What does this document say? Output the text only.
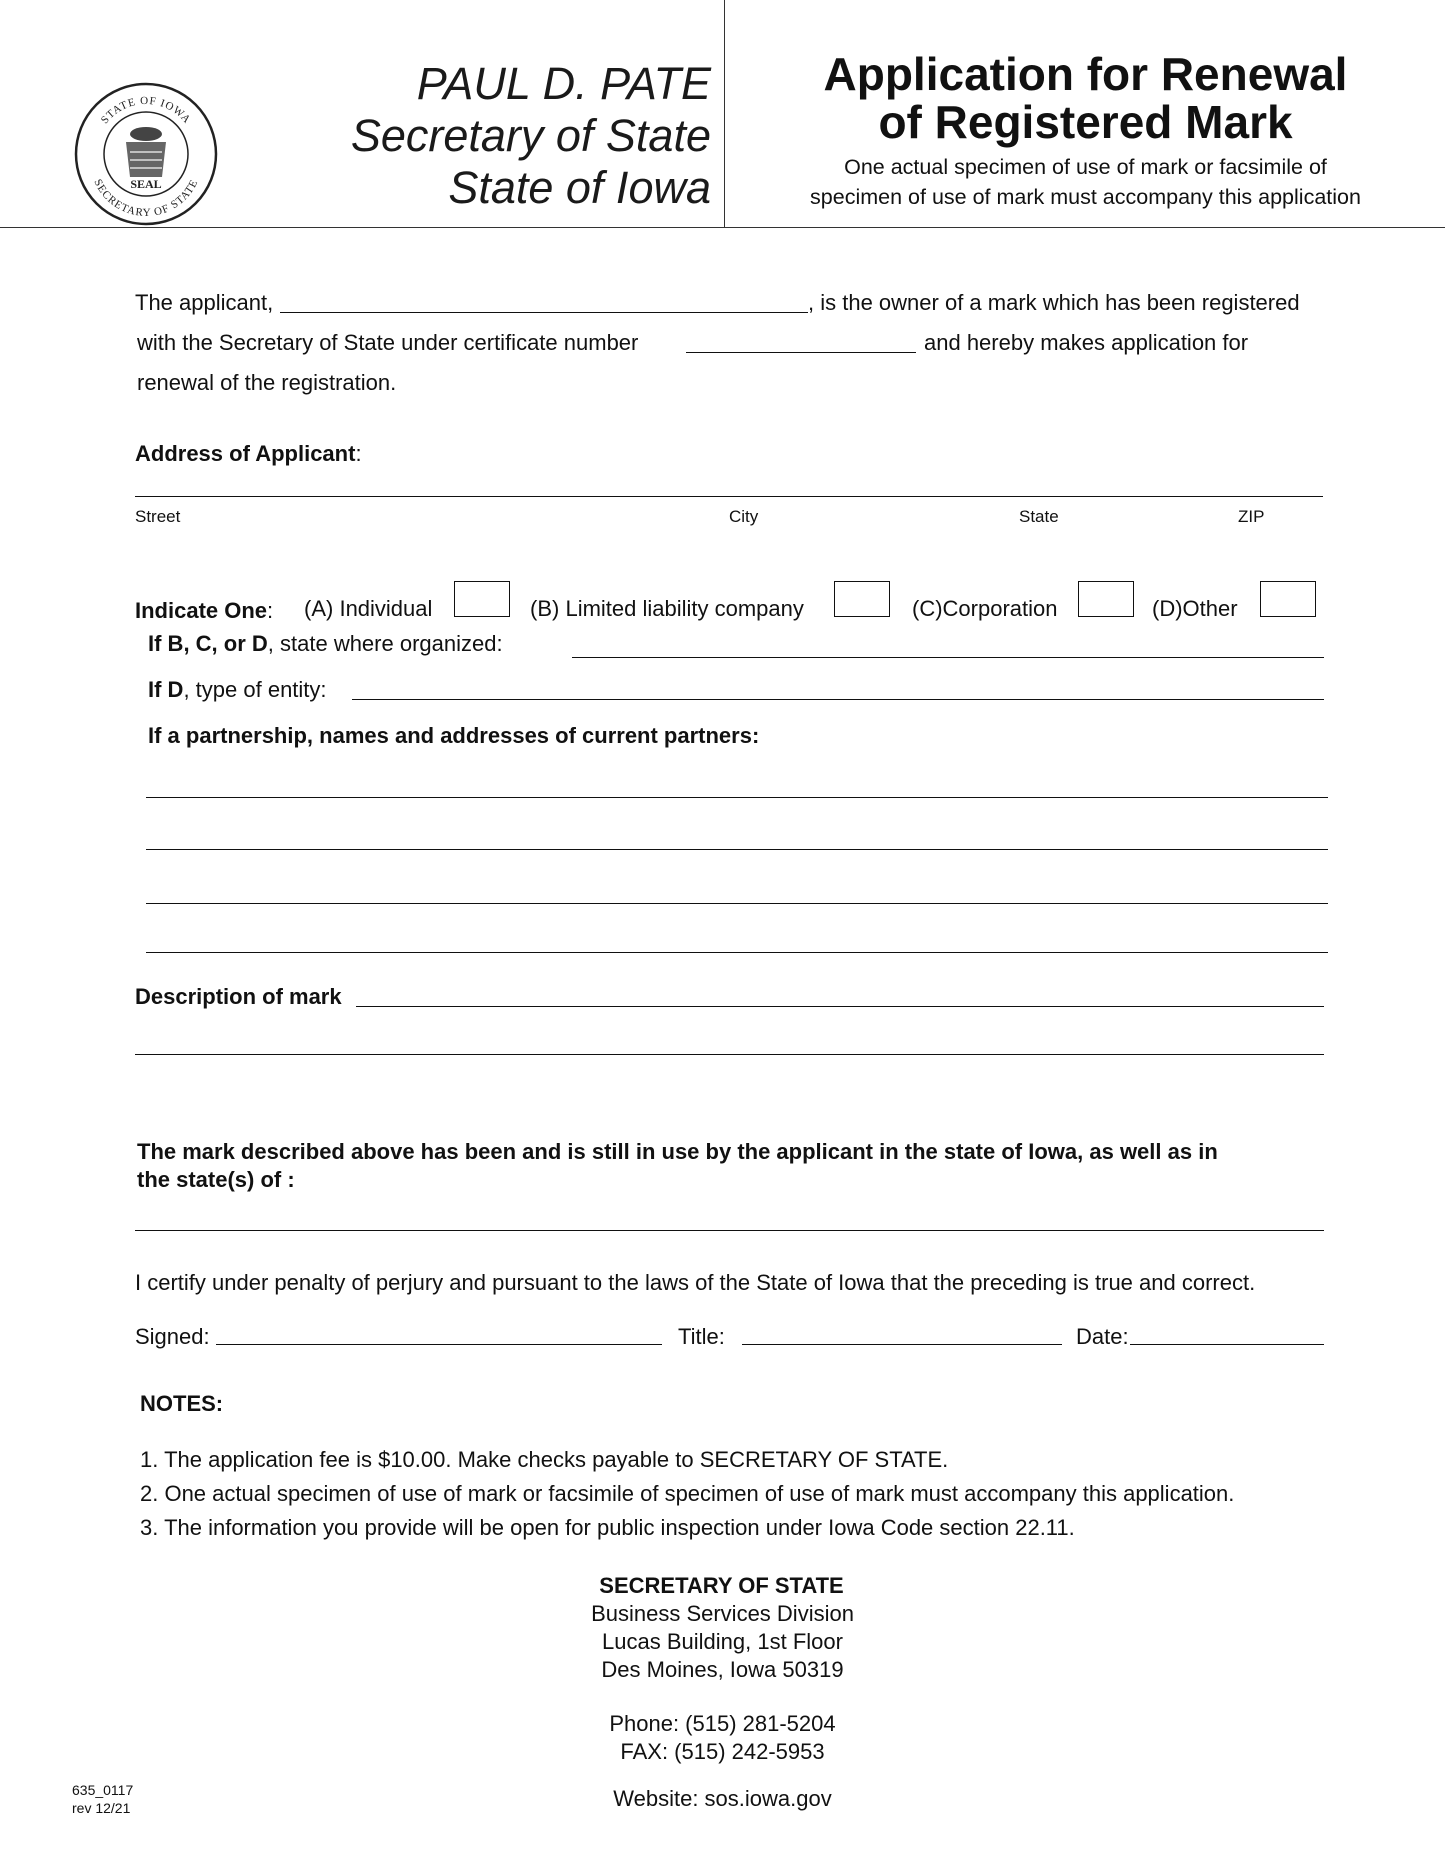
STATE OF IOWA
SECRETARY OF STATE
SEAL
PAUL D. PATE
Secretary of State
State of Iowa
Application for Renewal
of Registered Mark
One actual specimen of use of mark or facsimile of
specimen of use of mark must accompany this application
The applicant,	, is the owner of a mark which has been registered
with the Secretary of State under certificate number	and hereby makes application for
renewal of the registration.
Address of Applicant:
Street	City	State	ZIP
Indicate One: (A) Individual	(B) Limited liability company	(C)Corporation	(D)Other
If B, C, or D, state where organized:
If D, type of entity:
If a partnership, names and addresses of current partners:
Description of mark
The mark described above has been and is still in use by the applicant in the state of Iowa, as well as in
the state(s) of :
I certify under penalty of perjury and pursuant to the laws of the State of Iowa that the preceding is true and correct.
Signed:	Title:	Date:
NOTES:
1. The application fee is $10.00. Make checks payable to SECRETARY OF STATE.
2. One actual specimen of use of mark or facsimile of specimen of use of mark must accompany this application.
3. The information you provide will be open for public inspection under Iowa Code section 22.11.
SECRETARY OF STATE
Business Services Division
Lucas Building, 1st Floor
Des Moines, Iowa 50319
Phone: (515) 281-5204
FAX: (515) 242-5953
Website: sos.iowa.gov
635_0117
rev 12/21
